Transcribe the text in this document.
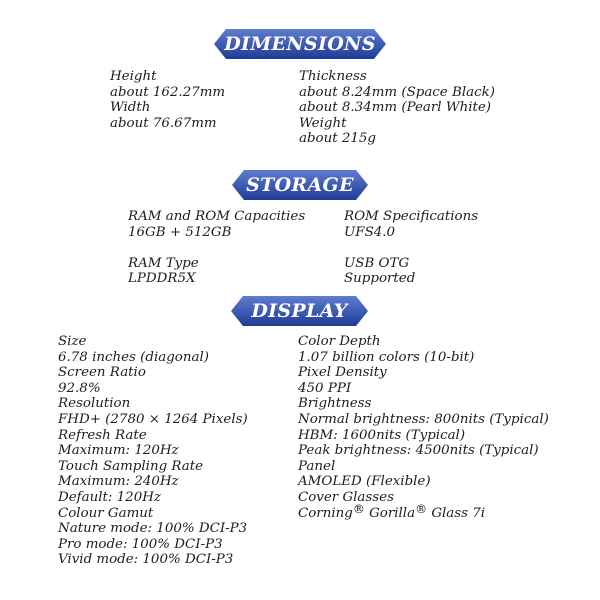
DIMENSIONS
Height
about 162.27mm
Width
about 76.67mm
Thickness
about 8.24mm (Space Black)
about 8.34mm (Pearl White)
Weight
about 215g
STORAGE
RAM and ROM Capacities
16GB + 512GB
RAM Type
LPDDR5X
ROM Specifications
UFS4.0
USB OTG
Supported
DISPLAY
Size
6.78 inches (diagonal)
Screen Ratio
92.8%
Resolution
FHD+ (2780 × 1264 Pixels)
Refresh Rate
Maximum: 120Hz
Touch Sampling Rate
Maximum: 240Hz
Default: 120Hz
Colour Gamut
Nature mode: 100% DCI-P3
Pro mode: 100% DCI-P3
Vivid mode: 100% DCI-P3
Color Depth
1.07 billion colors (10-bit)
Pixel Density
450 PPI
Brightness
Normal brightness: 800nits (Typical)
HBM: 1600nits (Typical)
Peak brightness: 4500nits (Typical)
Panel
AMOLED (Flexible)
Cover Glasses
Corning® Gorilla® Glass 7i
